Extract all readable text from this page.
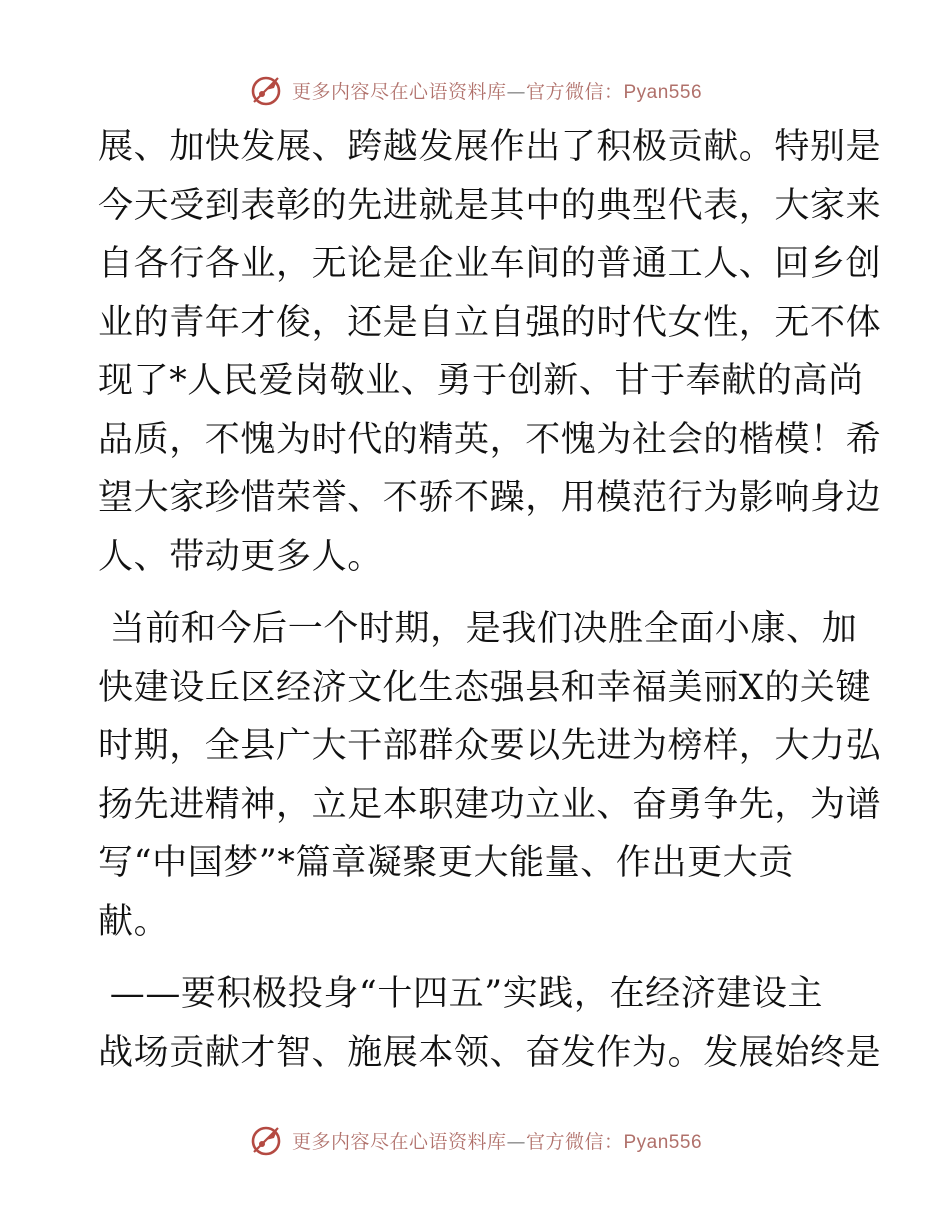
更多内容尽在心语资料库—官方微信：Pyan556
展、加快发展、跨越发展作出了积极贡献。特别是
今天受到表彰的先进就是其中的典型代表，大家来
自各行各业，无论是企业车间的普通工人、回乡创
业的青年才俊，还是自立自强的时代女性，无不体
现了*人民爱岗敬业、勇于创新、甘于奉献的高尚
品质，不愧为时代的精英，不愧为社会的楷模！希
望大家珍惜荣誉、不骄不躁，用模范行为影响身边
人、带动更多人。
当前和今后一个时期，是我们决胜全面小康、加
快建设丘区经济文化生态强县和幸福美丽X的关键
时期，全县广大干部群众要以先进为榜样，大力弘
扬先进精神，立足本职建功立业、奋勇争先，为谱
写“中国梦”*篇章凝聚更大能量、作出更大贡
献。
——要积极投身“十四五”实践，在经济建设主
战场贡献才智、施展本领、奋发作为。发展始终是
更多内容尽在心语资料库—官方微信：Pyan556
